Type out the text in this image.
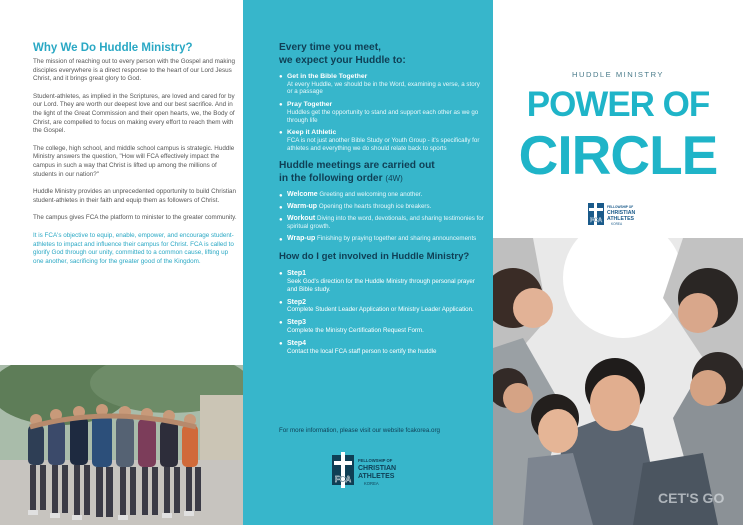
Why We Do Huddle Ministry?

The mission of reaching out to every person with the Gospel and making disciples everywhere is a direct response to the heart of our Lord Jesus Christ, and it brings great glory to God.

Student-athletes, as implied in the Scriptures, are loved and cared for by our Lord. They are worth our deepest love and our best sacrifice. And in the light of the Great Commission and their open hearts, we, the Body of Christ, are compelled to focus on making every effort to reach them with the Gospel.

The college, high school, and middle school campus is strategic. Huddle Ministry answers the question, "How will FCA effectively impact the campus in such a way that Christ is lifted up among the millions of students in our nation?"

Huddle Ministry provides an unprecedented opportunity to build Christian student-athletes in their faith and equip them as followers of Christ.

The campus gives FCA the platform to minister to the greater community.

It is FCA's objective to equip, enable, empower, and encourage student-athletes to impact and influence their campus for Christ. FCA is called to glorify God through our unity, committed to a common cause, lifting up one another, sacrificing for the greater good of the Kingdom.

Every time you meet,
we expect your Huddle to:
● Get in the Bible Together
At every Huddle, we should be in the Word, examining a verse, a story or a passage
● Pray Together
Huddles get the opportunity to stand and support each other as we go through life
● Keep it Athletic
FCA is not just another Bible Study or Youth Group - it's specifically for athletes and everything we do should relate back to sports
Huddle meetings are carried out
in the following order (4W)
● Welcome Greeting and welcoming one another.
● Warm-up Opening the hearts through ice breakers.
● Workout Diving into the word, devotionals, and sharing testimonies for spiritual growth.
● Wrap-up Finishing by praying together and sharing announcements
How do I get involved in Huddle Ministry?
● Step1
Seek God's direction for the Huddle Ministry through personal prayer and Bible study.
● Step2
Complete Student Leader Application or Ministry Leader Application.
● Step3
Complete the Ministry Certification Request Form.
● Step4
Contact the local FCA staff person to certify the huddle
For more information, please visit our website fcakorea.org
FCA
FELLOWSHIP OF
CHRISTIAN
ATHLETES
KOREA
HUDDLE MINISTRY
POWER OF
CIRCLE
CET'S GO
FCA
FELLOWSHIP OF
CHRISTIAN
ATHLETES
KOREA
